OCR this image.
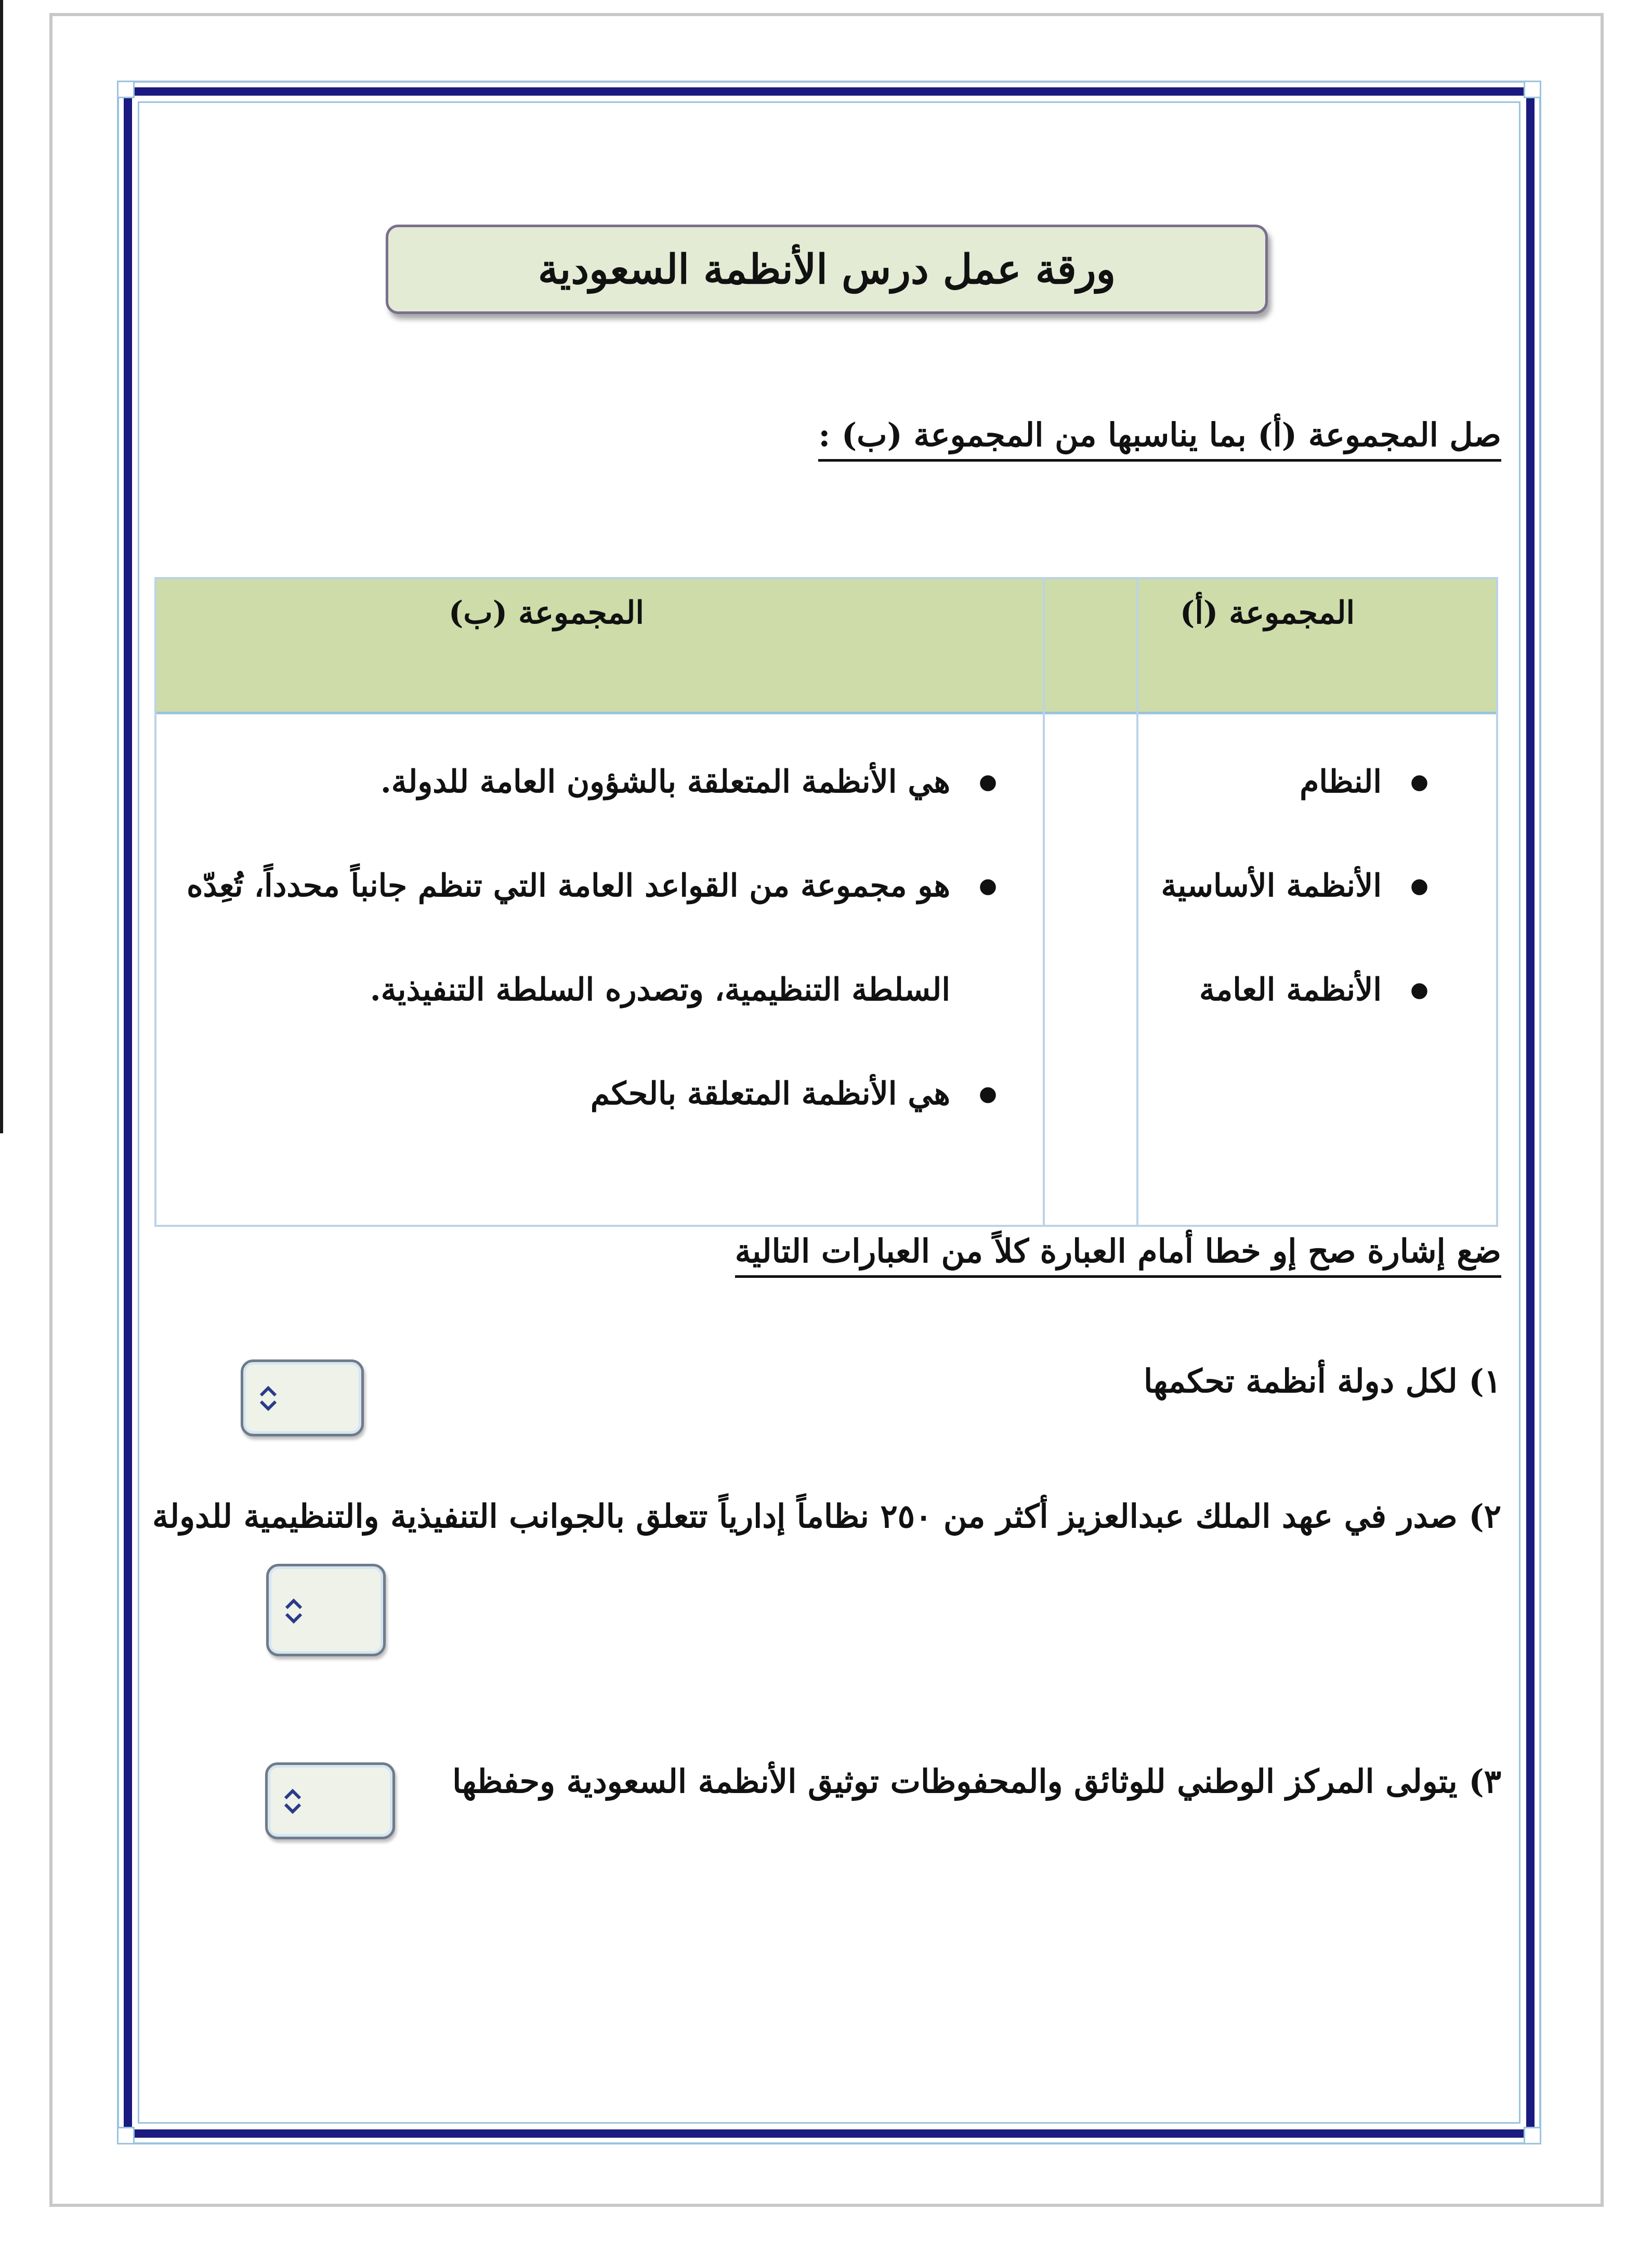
ورقة عمل درس الأنظمة السعودية
صل المجموعة (أ) بما يناسبها من المجموعة (ب) :
المجموعة (أ)
المجموعة (ب)
● النظام
● الأنظمة الأساسية
● الأنظمة العامة
● هي الأنظمة المتعلقة بالشؤون العامة للدولة.
● هو مجموعة من القواعد العامة التي تنظم جانباً محدداً، تُعِدّه
السلطة التنظيمية، وتصدره السلطة التنفيذية.
● هي الأنظمة المتعلقة بالحكم
ضع إشارة صح إو خطا أمام العبارة كلاً من العبارات التالية
١) لكل دولة أنظمة تحكمها
٢) صدر في عهد الملك عبدالعزيز أكثر من ٢٥٠ نظاماً إدارياً تتعلق بالجوانب التنفيذية والتنظيمية للدولة
٣) يتولى المركز الوطني للوثائق والمحفوظات توثيق الأنظمة السعودية وحفظها
